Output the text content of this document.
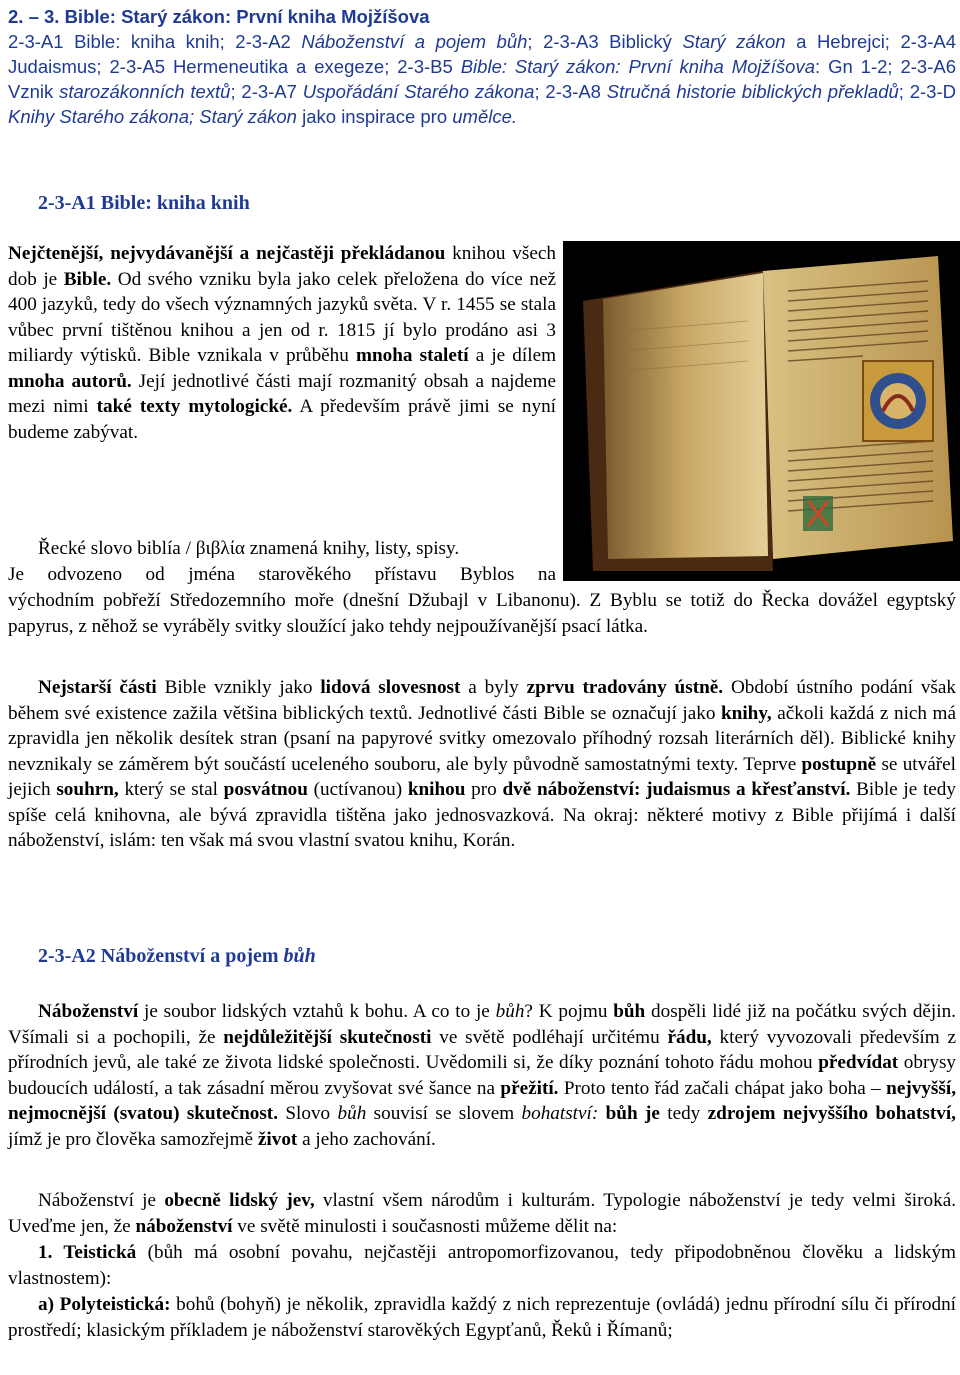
2. – 3. Bible: Starý zákon: První kniha Mojžíšova
2-3-A1 Bible: kniha knih; 2-3-A2 Náboženství a pojem bůh; 2-3-A3 Biblický Starý zákon a Hebrejci; 2-3-A4 Judaismus; 2-3-A5 Hermeneutika a exegeze; 2-3-B5 Bible: Starý zákon: První kniha Mojžíšova: Gn 1-2; 2-3-A6 Vznik starozákonních textů; 2-3-A7 Uspořádání Starého zákona; 2-3-A8 Stručná historie biblických překladů; 2-3-D Knihy Starého zákona; Starý zákon jako inspirace pro umělce.
2-3-A1 Bible: kniha knih

Nejčtenější, nejvydávanější a nejčastěji překládanou knihou všech dob je Bible. Od svého vzniku byla jako celek přeložena do více než 400 jazyků, tedy do všech významných jazyků světa. V r. 1455 se stala vůbec první tištěnou knihou a jen od r. 1815 jí bylo prodáno asi 3 miliardy výtisků. Bible vznikala v průběhu mnoha staletí a je dílem mnoha autorů. Její jednotlivé části mají rozmanitý obsah a najdeme mezi nimi také texty mytologické. A především právě jimi se nyní budeme zabývat.

Řecké slovo biblía / βιβλία znamená knihy, listy, spisy.

Je odvozeno od jména starověkého přístavu Byblos na

východním pobřeží Středozemního moře (dnešní Džubajl v Libanonu). Z Byblu se totiž do Řecka dovážel egyptský papyrus, z něhož se vyráběly svitky sloužící jako tehdy nejpoužívanější psací látka.

Nejstarší části Bible vznikly jako lidová slovesnost a byly zprvu tradovány ústně. Období ústního podání však během své existence zažila většina biblických textů. Jednotlivé části Bible se označují jako knihy, ačkoli každá z nich má zpravidla jen několik desítek stran (psaní na papyrové svitky omezovalo příhodný rozsah literárních děl). Biblické knihy nevznikaly se záměrem být součástí uceleného souboru, ale byly původně samostatnými texty. Teprve postupně se utvářel jejich souhrn, který se stal posvátnou (uctívanou) knihou pro dvě náboženství: judaismus a křesťanství. Bible je tedy spíše celá knihovna, ale bývá zpravidla tištěna jako jednosvazková. Na okraj: některé motivy z Bible přijímá i další náboženství, islám: ten však má svou vlastní svatou knihu, Korán.

2-3-A2 Náboženství a pojem bůh

Náboženství je soubor lidských vztahů k bohu. A co to je bůh? K pojmu bůh dospěli lidé již na počátku svých dějin. Všímali si a pochopili, že nejdůležitější skutečnosti ve světě podléhají určitému řádu, který vyvozovali především z přírodních jevů, ale také ze života lidské společnosti. Uvědomili si, že díky poznání tohoto řádu mohou předvídat obrysy budoucích událostí, a tak zásadní měrou zvyšovat své šance na přežití. Proto tento řád začali chápat jako boha – nejvyšší, nejmocnější (svatou) skutečnost. Slovo bůh souvisí se slovem bohatství: bůh je tedy zdrojem nejvyššího bohatství, jímž je pro člověka samozřejmě život a jeho zachování.

Náboženství je obecně lidský jev, vlastní všem národům i kulturám. Typologie náboženství je tedy velmi široká. Uveďme jen, že náboženství ve světě minulosti i současnosti můžeme dělit na:

1. Teistická (bůh má osobní povahu, nejčastěji antropomorfizovanou, tedy připodobněnou člověku a lidským vlastnostem):

a) Polyteistická: bohů (bohyň) je několik, zpravidla každý z nich reprezentuje (ovládá) jednu přírodní sílu či přírodní prostředí; klasickým příkladem je náboženství starověkých Egypťanů, Řeků i Římanů;
